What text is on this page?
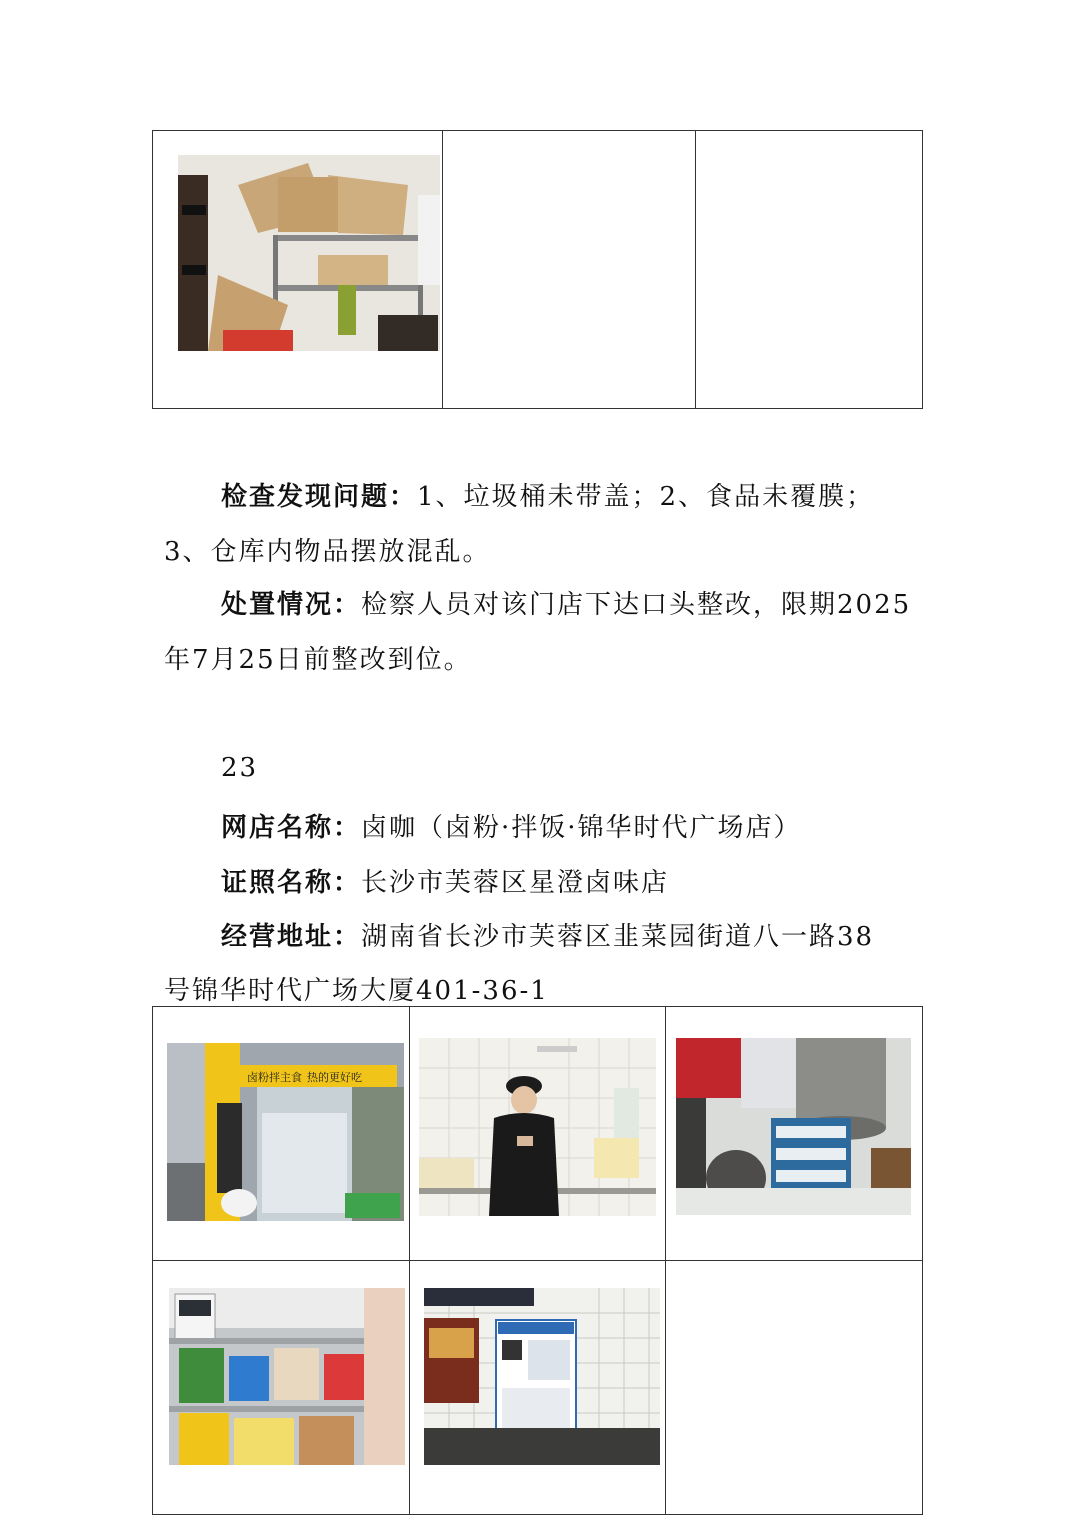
检查发现问题：1、垃圾桶未带盖；2、食品未覆膜；3、仓库内物品摆放混乱。

处置情况：检察人员对该门店下达口头整改，限期2025年7月25日前整改到位。

23
网店名称：卤咖（卤粉·拌饭·锦华时代广场店）
证照名称：长沙市芙蓉区星澄卤味店
经营地址：湖南省长沙市芙蓉区韭菜园街道八一路38
号锦华时代广场大厦401-36-1
卤粉拌主食 热的更好吃
